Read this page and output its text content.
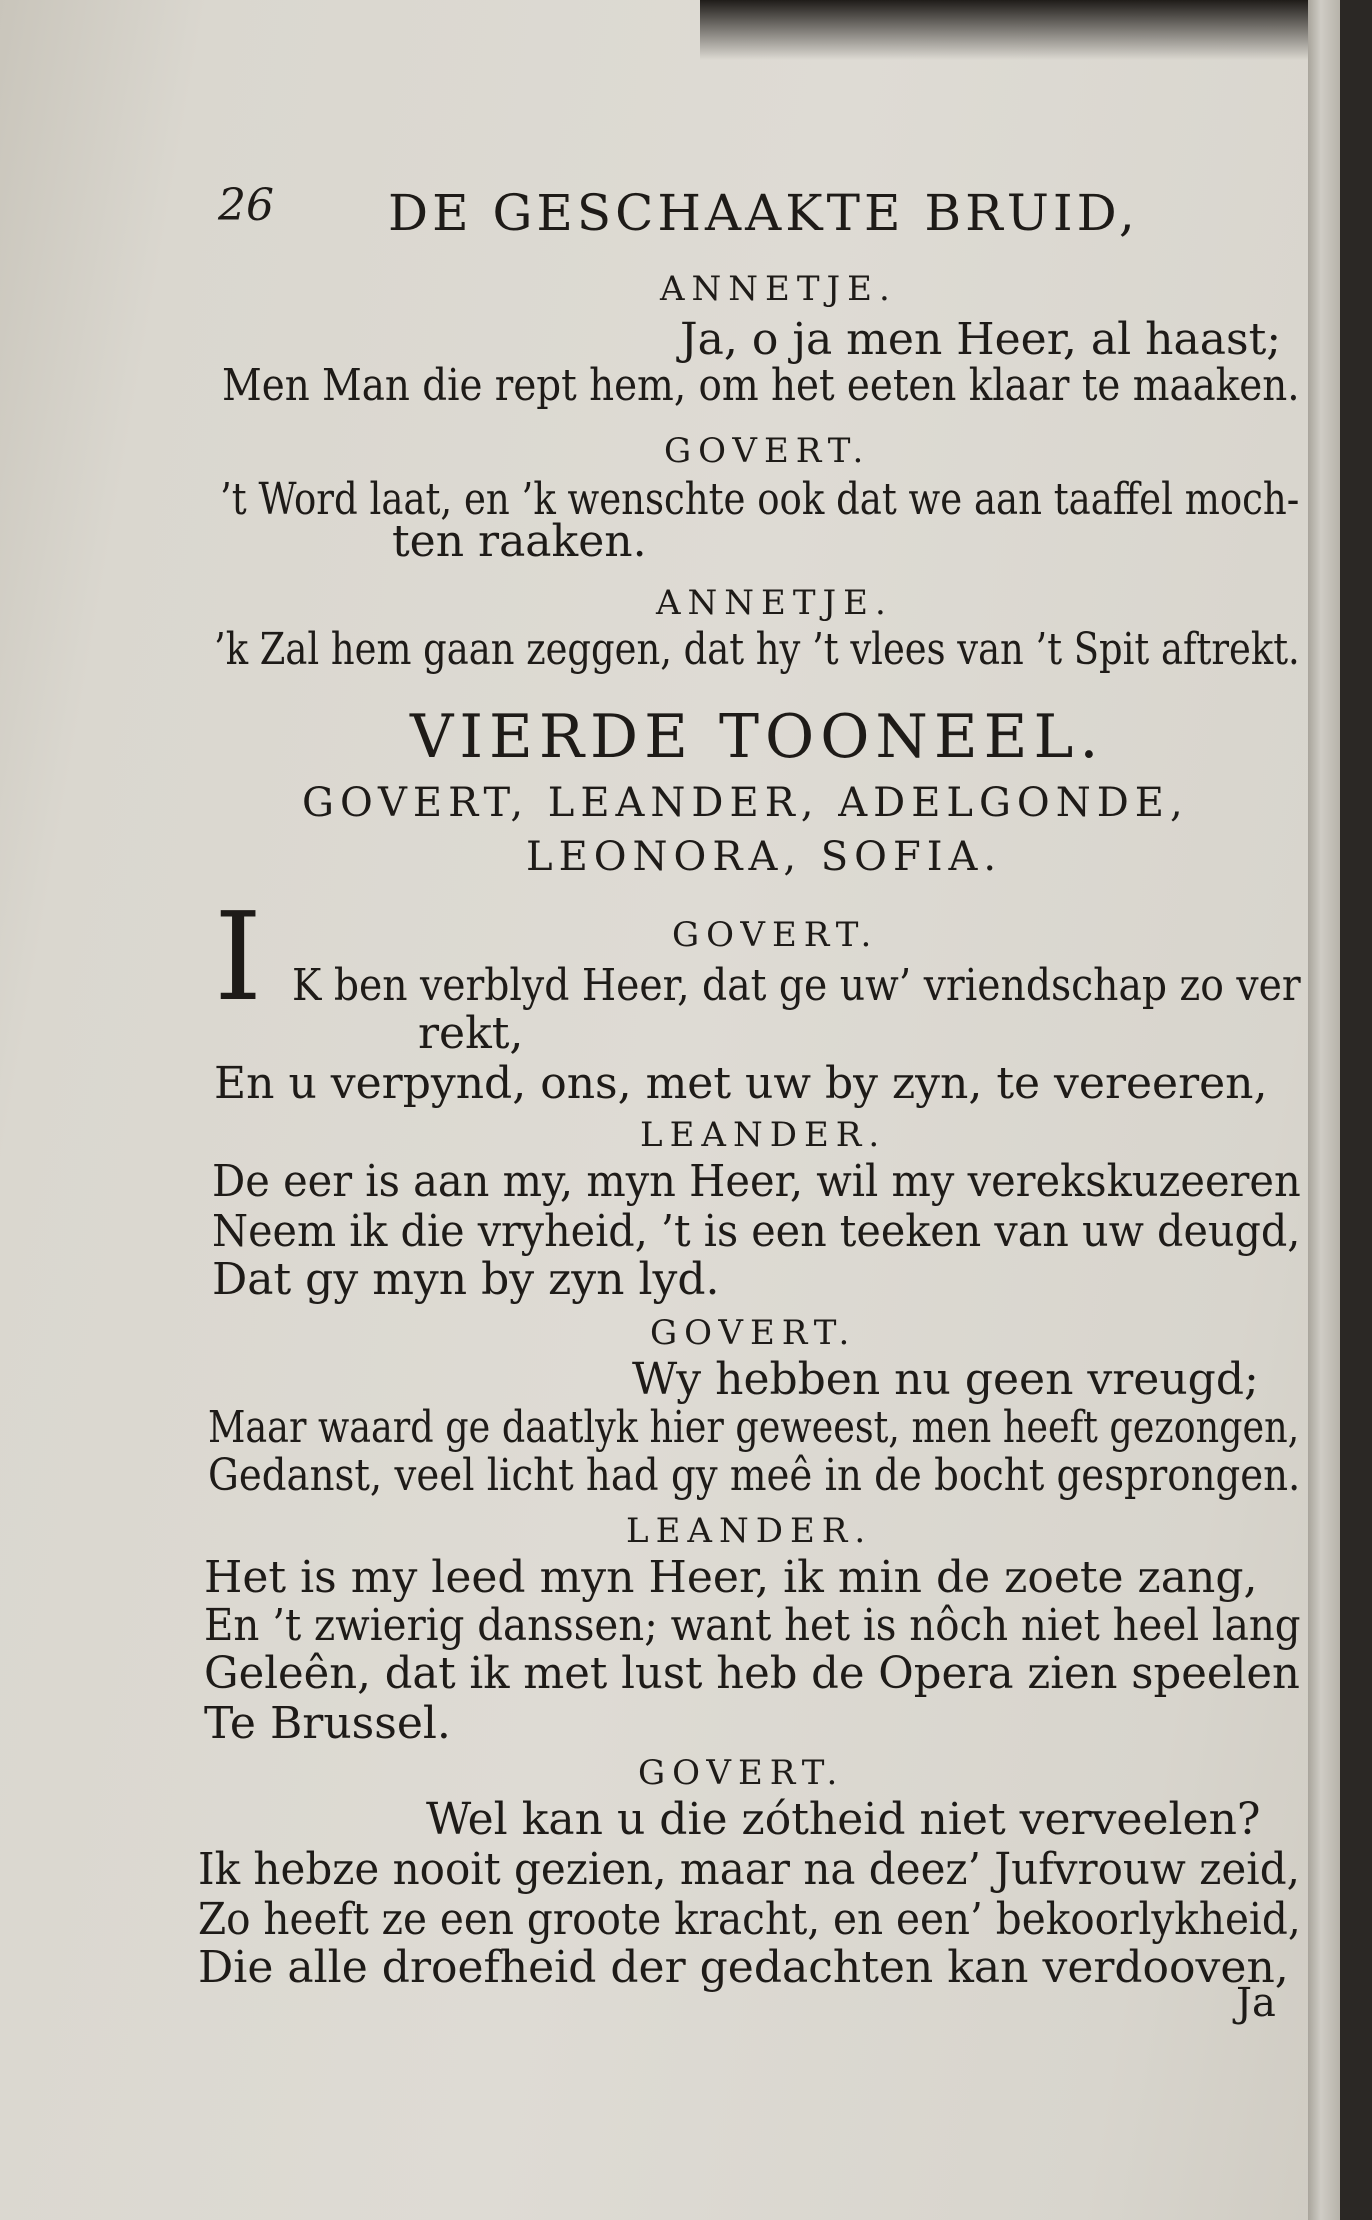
26 DE GESCHAAKTE BRUID,
ANNETJE.
Ja, o ja men Heer, al haast;
Men Man die rept hem, om het eeten klaar te maaken.
GOVERT.
’t Word laat, en ’k wenschte ook dat we aan taaffel moch-
ten raaken.
ANNETJE.
’k Zal hem gaan zeggen, dat hy ’t vlees van ’t Spit aftrekt.
VIERDE TOONEEL.
GOVERT, LEANDER, ADELGONDE,
LEONORA, SOFIA.
I	GOVERT.
K ben verblyd Heer, dat ge uw’ vriendschap zo ver
rekt,
En u verpynd, ons, met uw by zyn, te vereeren,
LEANDER.
De eer is aan my, myn Heer, wil my verekskuzeeren
Neem ik die vryheid, ’t is een teeken van uw deugd,
Dat gy myn by zyn lyd.
GOVERT.
Wy hebben nu geen vreugd;
Maar waard ge daatlyk hier geweest, men heeft gezongen,
Gedanst, veel licht had gy meê in de bocht gesprongen.
LEANDER.
Het is my leed myn Heer, ik min de zoete zang,
En ’t zwierig danssen; want het is nôch niet heel lang
Geleên, dat ik met lust heb de Opera zien speelen
Te Brussel.
GOVERT.
Wel kan u die zótheid niet verveelen?
Ik hebze nooit gezien, maar na deez’ Jufvrouw zeid,
Zo heeft ze een groote kracht, en een’ bekoorlykheid,
Die alle droefheid der gedachten kan verdooven,
Ja
